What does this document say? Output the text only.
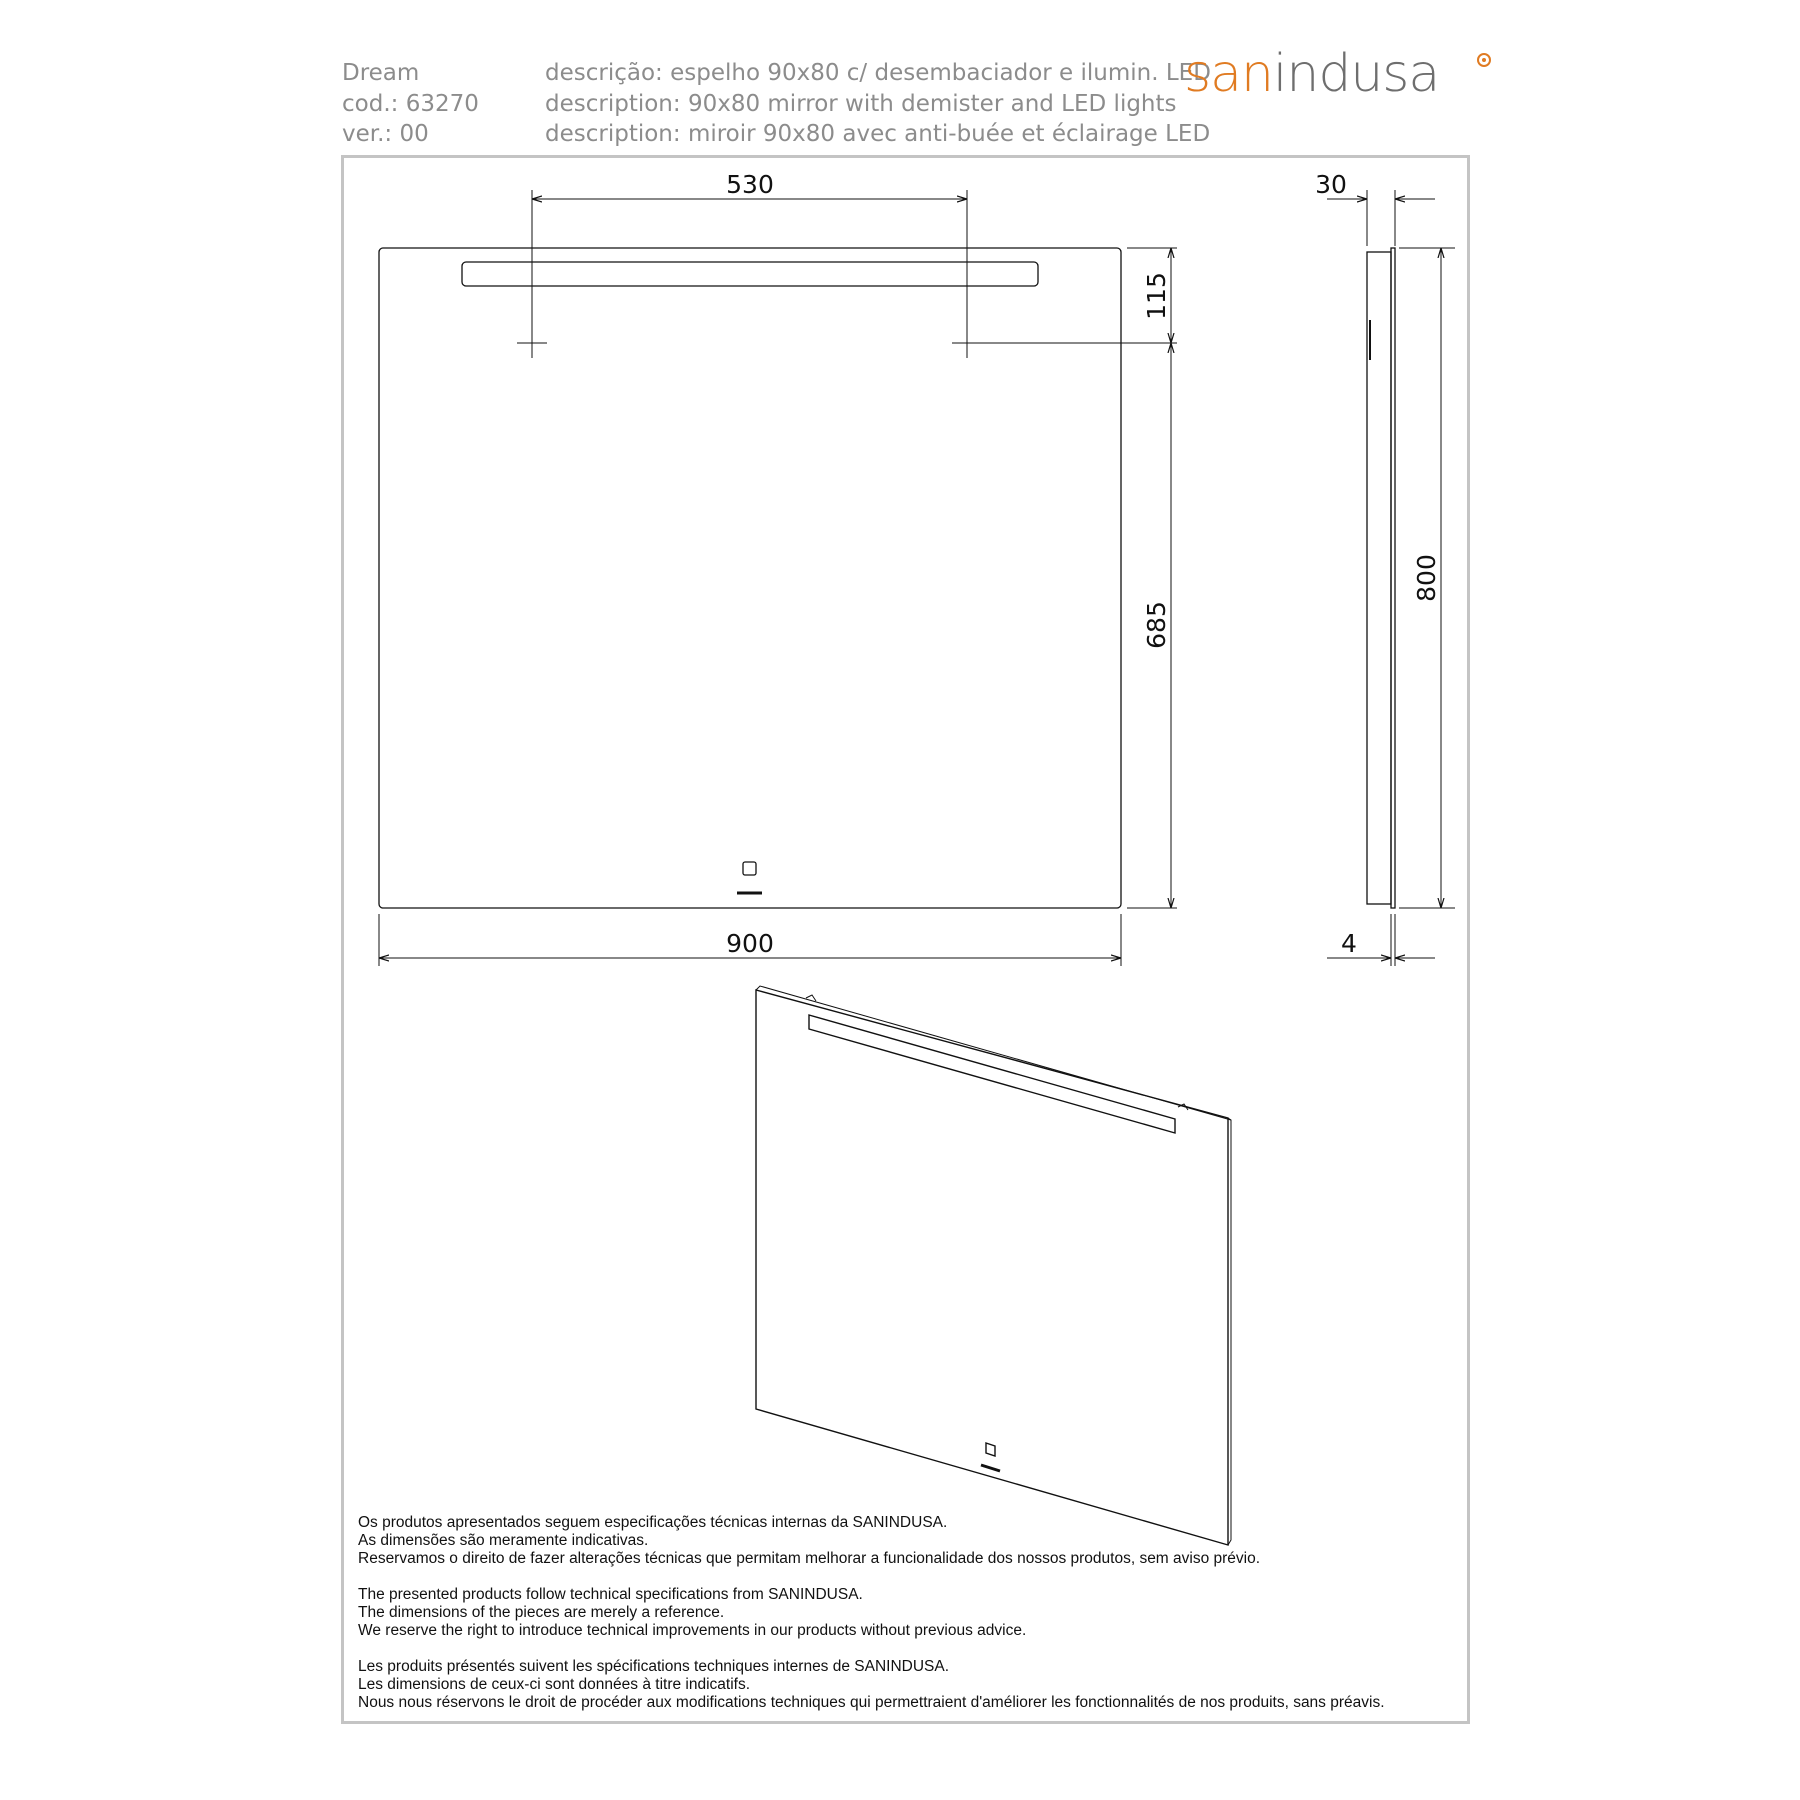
Dream
cod.: 63270
ver.: 00
descrição: espelho 90x80 c/ desembaciador e ilumin. LED
description: 90x80 mirror with demister and LED lights
description: miroir 90x80 avec anti-buée et éclairage LED
sanindusa
530
115
685
900
30
800
4
Os produtos apresentados seguem especificações técnicas internas da SANINDUSA.
As dimensões são meramente indicativas.
Reservamos o direito de fazer alterações técnicas que permitam melhorar a funcionalidade dos nossos produtos, sem aviso prévio.
The presented products follow technical specifications from SANINDUSA.
The dimensions of the pieces are merely a reference.
We reserve the right to introduce technical improvements in our products without previous advice.
Les produits présentés suivent les spécifications techniques internes de SANINDUSA.
Les dimensions de ceux-ci sont données à titre indicatifs.
Nous nous réservons le droit de procéder aux modifications techniques qui permettraient d'améliorer les fonctionnalités de nos produits, sans préavis.
